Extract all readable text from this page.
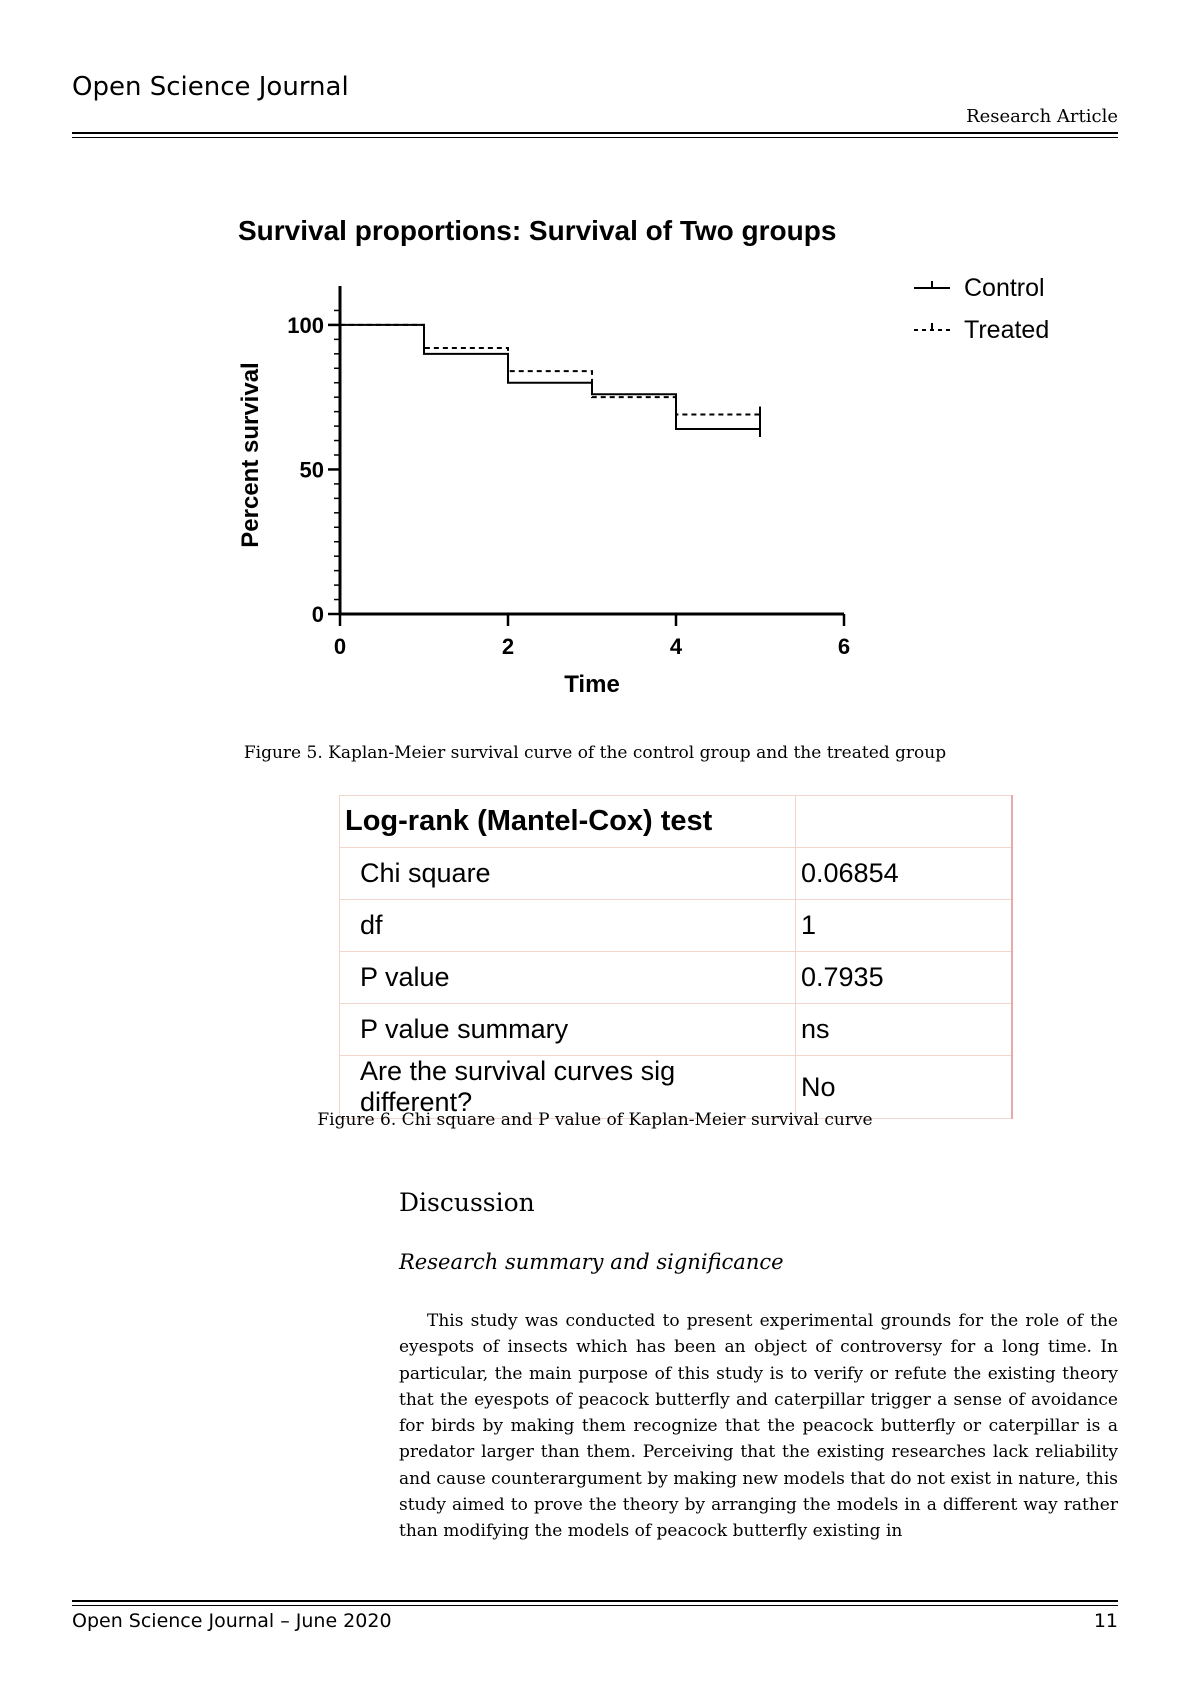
Open Science Journal
Research Article
Survival proportions: Survival of Two groups
0
50
100
0	2	4	6
Time
Percent survival
Control
Treated
Figure 5. Kaplan-Meier survival curve of the control group and the treated group
Log-rank (Mantel-Cox) test	
Chi square	0.06854
df	1
P value	0.7935
P value summary	ns
Are the survival curves sig different?	No
Figure 6. Chi square and P value of Kaplan-Meier survival curve
Discussion
Research summary and significance

This study was conducted to present experimental grounds for the role of the eyespots of insects which has been an object of controversy for a long time. In particular, the main purpose of this study is to verify or refute the existing theory that the eyespots of peacock butterfly and caterpillar trigger a sense of avoidance for birds by making them recognize that the peacock butterfly or caterpillar is a predator larger than them. Perceiving that the existing researches lack reliability and cause counterargument by making new models that do not exist in nature, this study aimed to prove the theory by arranging the models in a different way rather than modifying the models of peacock butterfly existing in

Open Science Journal – June 2020	11
